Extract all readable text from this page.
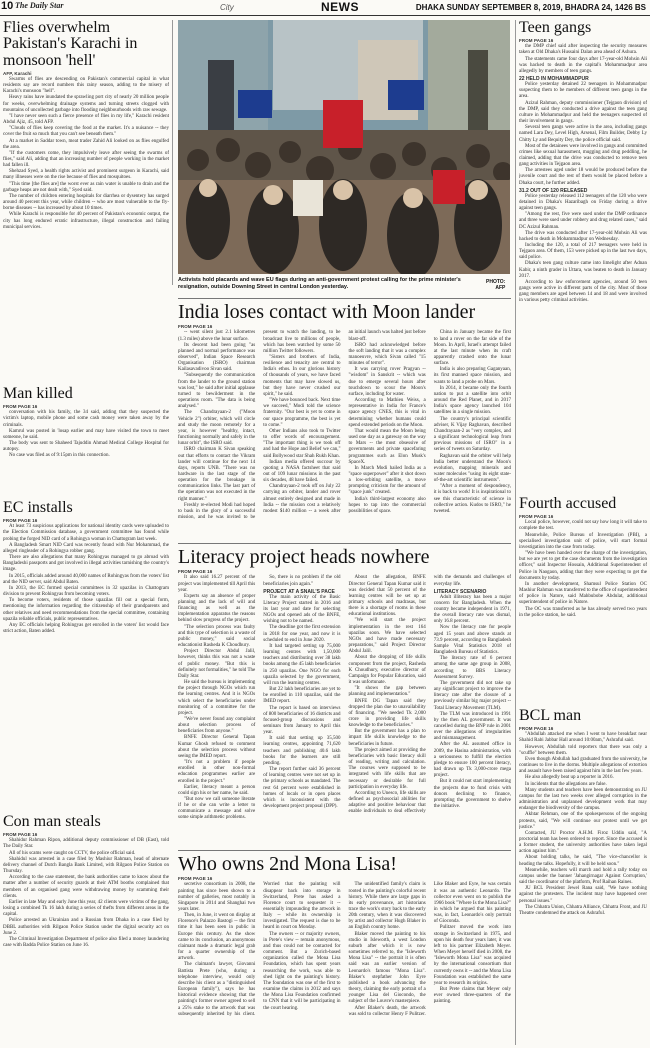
10 The Daily Star	City	NEWS	DHAKA SUNDAY SEPTEMBER 8, 2019, BHADRA 24, 1426 BS
Flies overwhelm Pakistan's Karachi in monsoon 'hell'
AFP, Karachi

Swarms of flies are descending on Pakistan's commercial capital in what residents say are record numbers this rainy season, adding to the misery of Karachi's monsoon "hell".

Heavy rains have inundated the sprawling port city of nearly 20 million people for weeks, overwhelming drainage systems and turning streets clogged with mountains of uncollected garbage into flooding neighbourhoods with raw sewage.

"I have never seen such a fierce presence of flies in my life," Karachi resident Abdul Ajiz, 45, told AFP.

"Clouds of flies keep covering the food at the market. It's a nuisance -- they cover the fruit so much that you can't see beneath them."

At a market in Saddar town, meat trader Zahid Ali looked on as flies engulfed the area.

"If the customers come, they impulsively leave after seeing the swarms of flies," said Ali, adding that an increasing number of people working in the market had fallen ill.

Shehzad Syed, a health rights activist and prominent surgeon in Karachi, said many illnesses were on the rise because of flies and mosquitoes.

"This time [the flies are] the worst ever as rain water is unable to drain and the garbage heaps are not dealt with," Syed said.

The number of children entering hospitals for diarrhea or dysentery has surged around 40 percent this year, while children -- who are most vulnerable to the fly-borne diseases -- has increased by about 10 times.

While Karachi is responsible for 40 percent of Pakistan's economic output, the city has long endured erratic infrastructure, illegal construction and failing municipal services.

Man killed
FROM PAGE 16

conversation with his family, the 34 said, adding that they suspected the victim's laptop, mobile phone and some cash money were taken away by the criminals.

Kamrul was posted in 'losap earlier and may have visited the town to meet someone, he said.

The body was sent to Shaheed Tajuddin Ahmad Medical College Hospital for autopsy.

No case was filed as of 9:15pm in this connection.

EC installs
FROM PAGE 16

At least 73 suspicious applications for national identity cards were uploaded to the Election Commission database, a government committee has found while probing the forged NID card of a Rohingya woman in Chattogram last week.

A Bangladesh Smart NID Card was recently found with Nur Mohammad, the alleged ringleader of a Rohingya robber gang.

There are also allegations that many Rohingyas managed to go abroad with Bangladeshi passports and got involved in illegal activities tarnishing the country's image.

In 2015, officials added around 40,000 names of Rohingyas from the voters' list and the NID server, said Abdul Baten.

In 2013, the EC formed special committees in 32 upazilas in Chattogram division to prevent Rohingyas from becoming voters.

To become voters, residents of those upazilas fill out a special form, mentioning the information regarding the citizenship of their grandparents and other relatives and need recommendations from the special committee, containing upazila reliable officials, public representatives.

Any EC officials helping Rohingyas get enrolled in the voters' list would face strict action, Baten added.

Con man steals
FROM PAGE 16

Shahidur Rahman Ripon, additional deputy commissioner of DB (East), told The Daily Star.

All of his scams were caught on CCTV, the police official said.

Shahidul was arrested in a case filed by Mashiur Rahman, head of alternate delivery channel of Dutch Bangla Bank Limited, with Rilgaon Police Station on Thursday.

According to the case statement, the bank authorities came to know about the matter after a number of security guards at their ATM booths complained that members of an organised gang were withdrawing money by scamming their clients.

Earlier in late May and early June this year, 42 clients were victims of the gang, losing a combined Tk 16 lakh during a series of thefts from different areas in the capital.

Police arrested an Ukrainian and a Russian from Dhaka in a case filed by DBBL authorities with Rilgaon Police Station under the digital security act on June 2.

The Criminal Investigation Department of police also filed a money laundering case with Badda Police Station on June 16.

Activists hold placards and wave EU flags during an anti-government protest calling for the prime minister's resignation, outside Downing Street in central London yesterday.
PHOTO:
AFP
India loses contact with Moon lander
FROM PAGE 16

-- went silent just 2.1 kilometres (1.3 miles) above the lunar surface.

Its descent had been going "as planned and normal performance was observed", Indian Space Research Organisation (ISRO) chairman Kailasavadivoo Sivan said.

"Subsequently the communication from the lander to the ground station was lost," he said after initial applause turned to bewilderment in the operations room. "The data is being analysed."

The Chandrayaan-2 ("Moon Vehicle 2") orbiter, which will circle and study the moon remotely for a year, is however "healthy, intact, functioning normally and safely in the lunar orbit", the ISRO said.

ISRO chairman K Sivan speaking out that efforts to contact the Vikram lander will continue for the next 14 days, reports UNB. "There was no hardware in the last stage of the operation for the breakage in communication links. The last part of the operation was not executed in the right manner."

Freshly re-elected Modi had hoped to bask in the glory of a successful mission, and he was invited to be present to watch the landing, to be broadcast live to millions of people, which has been watched by some 50 million Twitter followers.

"Sisters and brothers of India, resilience and tenacity are central to India's ethos. In our glorious history of thousands of years, we have faced moments that may have slowed us, but they have never crushed our spirit," he said.

"We have bounced back. Next time we succeed," Modi told the science fraternity. "Our best is yet to come in our space programme, the best is yet to come."

Other Indians also took to Twitter to offer words of encouragement. "The important thing is we took off and had the Hope and Belief we can," said Bollywood star Shah Rukh Khan.

Indian media offered succour by quoting a NASA factsheet that said out of 109 lunar missions in the past six decades, 48 have failed.

Chandrayaan-2 took off on July 22 carrying an orbiter, lander and rover almost entirely designed and made in India -- the mission cost a relatively modest $140 million -- a week after an initial launch was halted just before blast-off.

ISRO had acknowledged before the soft landing that it was a complex manoeuvre, which Sivan called "15 minutes of terror".

It was carrying rover Pragyan -- "wisdom" in Sanskrit -- which was due to emerge several hours after touchdown to scour the Moon's surface, including for water.

According to Mathieu Weiss, a representative in India for France's space agency CNES, this is vital in determining whether humans could spend extended periods on the Moon.

That would mean the Moon being used one day as a gateway on the way to Mars -- the most obsessive of governments and private spacefaring programmes such as Elon Musk's SpaceX.

In March Modi hailed India as a "space superpower" after it shot down a low-orbiting satellite, a move prompting criticism for the amount of "space junk" created.

India's third-largest economy also hopes to tap into the commercial possibilities of space.

China in January became the first to land a rover on the far side of the Moon. In April, Israel's attempt failed at the last minute when its craft apparently crashed onto the lunar surface.

India is also preparing Gaganyaan, its first manned space mission, and wants to land a probe on Mars.

In 2014, it became only the fourth nation to put a satellite into orbit around the Red Planet, and in 2017 India's space agency launched 104 satellites in a single mission.

The country's principal scientific adviser, K Vijay Raghavan, described Chandrayaan-2 as "very complex, and a significant technological leap from previous missions of ISRO" in a series of tweets on Saturday.

Raghavan said the orbiter will help India better understand the Moon's evolution, mapping minerals and water molecules "using its eight state-of-the-art scientific instruments".

"After a moment of despondency, it is back to work! It is inspirational to see this characteristic of science in collective action. Kudos to ISRO," he tweeted.

Literacy project heads nowhere
FROM PAGE 16

It also said 16.27 percent of the project was implemented till April this year.

Experts say an absence of proper planning and the lack of will and financing as well as the implementation apparatus the reasons behind slow progress of the project.

"The selection process was faulty and this type of selection is a waste of public money," said social educationist Rasheda K Choudhury.

Project Director Abdul Jalil, however, thinks this was not a waste of public money. "But this is definitely not formalities," he told The Daily Star.

He said the bureau is implementing the project through NGOs which run the learning centres. And it is NGOs which select the beneficiaries under monitoring of a committee for the project.

"We've never found any complaint about selection process of beneficiaries from anyone."

BNFE Director General Tapan Kumar Ghosh refused to comment about the selection process without seeing the IMED report.

"It's not a problem if people enrolled in other non-formal education programmes earlier are enrolled in the project."

Earlier, literacy meant a person could sign his or her name, he said.

"But now we call someone literate if he or she can write a letter to communicate a message and solve some simple arithmetic problems.

So, there is no problem if the old beneficiaries join again."

PROJECT AT A SNAIL'S PACE

The main activity of the Basic Literacy Project started in 2016 and its last year and date for selecting NGOs and opened ads of the BNFE, wishing not to be named.

The deadline got the first extension in 2018 for one year, and now it is scheduled to end in June 2020.

It had targeted setting up 75,000 learning centres with 1,50,000 teachers and distributing over 38 lakh books among the 45 lakh beneficiaries in 250 upazilas. One NGO for each upazila selected by the government, will run the learning centres.

But 22 lakh beneficiaries are yet to be enrolled in 110 upazilas, said the IMED report.

The report is based on interviews of 800 beneficiaries of 16 districts and focused-group discussions and seminars from January to April this year.

It said that setting up 35,500 learning centres, appointing 71,620 teachers and publishing 40.6 lakh books for the learners are still pending.

The report further said 36 percent of learning centres were not set up in the primary schools as mandated. The rest 64 percent were established in homes of locals or in open places which is inconsistent with the development project proposal (DPP).

About the allegation, BNFE Director General Tapan Kumar said it was decided that 50 percent of the learning centres will be set up at primary schools and madrasas, but there is a shortage of rooms in these educational institutions.

"We will start the project implementation in the rest 164 upazilas soon. We have selected NGOs and have made necessary preparations," said Project Director Abdul Jalil.

About the dropping of life skills component from the project, Rasheda K Choudhury, executive director of Campaign for Popular Education, said it was unfortunate.

"It shows the gap between planning and implementation."

BNFE DG Tapan said they dropped the plan due to unavailability of financing. "We needed Tk 2,000 crore in providing life skills knowledge to the beneficiaries."

But the government has a plan to impart life skills knowledge to the beneficiaries in future.

The project aimed at providing the beneficiaries with basic literacy skill of reading, writing and calculation. The courses were supposed to be integrated with life skills that are necessary or desirable for full participation in everyday life.

According to Unesco, life skills are defined as psychosocial abilities for adaptive and positive behaviour that enable individuals to deal effectively with the demands and challenges of everyday life.

LITERACY SCENARIO

Adult illiteracy has been a major concern for Bangladesh. When the country became independent in 1971, the overall literacy rate was dismal, only 16.8 percent.

Now the literacy rate for people aged 15 years and above stands at 73.9 percent, according to Bangladesh Sample Vital Statistics 2018 of Bangladesh Bureau of Statistics.

The literacy rate of 6 percent among the same age group in 2008, according to BBS Literacy Assessment Survey.

The government did not take up any significant project to improve the literacy rate after the closure of a previously similar big major project -- Total Literacy Movement (TLM).

The TLM was introduced in 1991 by the then AL government. It was cancelled during the BNP rule in 2001 over the allegations of irregularities and mismanagement.

After the AL assumed office in 2009, the Hasina administration, with a seriousness to fulfill the election pledge to ensure 100 percent literacy, had drawn up Tk 3,000-crore mega project.

But it could not start implementing the projects due to fund crisis with donors declining to finance, prompting the government to shelve the initiative.

Who owns 2nd Mona Lisa!
FROM PAGE 16

secretive consortium in 2008, the painting has since been shown to a number of galleries, most notably in Singapore in 2014 and Shanghai two years later.

Then, in June, it went on display at Florence's Palazzo Bastogi -- the first time it has been seen in public in Europe this century. As the show came to its conclusion, an anonymous claimant made a dramatic legal grab for a quarter ownership of the artwork.

The claimant's lawyer, Giovanni Battista Prete (who, during a telephone interview, would only describe his client as a "distinguished European family"), says he has historical evidence showing that the painting's former owner agreed to sell a 25% stake to the artwork that was subsequently inherited by his client. Worried that the painting will disappear back into storage in Switzerland, Prete has asked a Florence court to sequester it -- essentially impounding the artwork in Italy -- while its ownership is investigated. The request is due to be heard in court on Monday.

The owners -- or majority owners, in Prete's view -- remain anonymous, and thus could not be contacted for comment. But a Zurich-based organization called the Mona Lisa Foundation, which has spent years researching the work, was able to shed light on the painting's history. The foundation was one of the first to examine the claims in 2012 and says the Mona Lisa Foundation confirmed to CNN that it will be participating in the court hearing.

The unidentified family's claim is rooted in the painting's colorful recent history. While there are large gaps in its early provenance, art historians trace the work's story back to the early 20th century, when it was discovered by artist and collector Hugh Blaker in an English country home.

Blaker moved the painting to his studio in Isleworth, a west London suburb after which it is now sometimes referred to, the "Isleworth Mona Lisa" -- the portrait it is often said was an earlier version of Leonardo's famous "Mona Lisa". Blaker's stepfather John Eyre published a book advancing the theory, claiming the early portrait of a younger Lisa del Giocondo, the subject of the Louvre's masterpiece.

After Blaker's death, the artwork was sold to collector Henry F Pulitzer. Like Blaker and Eyre, he was certain it was an authentic Leonardo. The collector even went on to publish the 1966 book "Where Is the Mona Lisa?" in which he argued that his painting was, in fact, Leonardo's only portrait of Gioconda.

Pulitzer moved the work into storage in Switzerland in 1975, and upon his death four years later, it was left to his partner Elizabeth Meyer. When Meyer herself died in 2008, the "Isleworth Mona Lisa" was acquired by the international consortium that currently owns it -- and the Mona Lisa Foundation was established the same year to research its origins.

But Prete claims that Meyer only ever owned three-quarters of the painting.

Teen gangs
FROM PAGE 16

the DMP chief said after inspecting the security measures taken at Old Dhaka's Hussaini Dalan area ahead of Ashura.

The statements came four days after 17-year-old Mohsin Ali was hacked to death in the capital's Mohammadpur area allegedly by members of teen gangs.

22 HELD IN MOHAMMADPUR

Police yesterday detained 22 teenagers in Mohammadpur suspecting them to be members of different teen gangs in the area.

Azizul Rahman, deputy commissioner (Tejgaon division) of the DMP, said they conducted a drive against the teen gang culture in Mohammadpur and held the teenagers suspected of their involvement in gangs.

Several teen gangs were active in the area, including gangs named Lara Dey, Level High, Arsenal, Film Builder, Debby Ly Chitty Ly and Bequity Dey, the police official said.

Most of the detainees were involved in gangs and committed crimes like sexual harassment, mugging and drug peddling, he claimed, adding that the drive was conducted to remove teen gang activities in Tejgaon area.

The arrestees aged under 18 would be produced before the juvenile court and the rest of them would be placed before a Dhaka court, he further added.

31.2 OUT OF 120 RELEASED

Police yesterday released 112 teenagers of the 120 who were detained in Dhaka's Hazaribagh on Friday during a drive against teen gangs.

"Among the rest, five were sued under the DMP ordinance and three were sued under robbery and drug related cases," said DC Azizul Rahman.

The drive was conducted after 17-year-old Mohsin Ali was hacked to death in Mohammadpur on Wednesday.

Including the 120, a total of 217 teenagers were held in Tejgaon area. Of them, 153 were picked up in the last two days, said police.

Dhaka's teen gang culture came into limelight after Adnan Kabir, a ninth grader in Uttara, was beaten to death in January 2017.

According to law enforcement agencies, around 50 teen gangs were active in different parts of the city. Most of those gang members are aged between 14 and 18 and were involved in various petty criminal activities.

Fourth accused
FROM PAGE 16

Local police, however, could not say how long it will take to complete the test.

Meanwhile, Police Bureau of Investigation (PBI), a specialised investigation unit of police, will start formal investigation into the case from today.

"We have been handed over the charge of the investigation, but we are yet to get the case documents from the investigation officer," said Inspector Hossain, Additional Superintendent of Police in Naogaon, adding that they were expecting to get the documents by today.

In another development, Shamsul Police Station OC Mashiur Rahman was transferred to the office of superintendent of police in Natore, said Mahbubobe Abdulat, additional superintendent of police in Natore.

The OC was transferred as he has already served two years in the police station, he said.

BCL man
FROM PAGE 16

"Abdullah attacked me when I went to have breakfast near Shahid Rabi Jabbar Hall around 10:00am," Ashraful said.

However, Abdullah told reporters that there was only a "scuffle" between them.

Even though Abdullah had graduated from the university, he continues to live in the dorms. Multiple allegations of extortion and assault have been raised against him in the last few years.

He also allegedly beat up a reporter in 2016.

In incidents that the allegations are false.

Many students and teachers have been demonstrating on JU campus for the last two weeks over alleged corruption in the administration and unplanned development work that may endanger the biodiversity of the campus.

Akhtar Rehman, one of the spokespersons of the ongoing protests, said, "We will continue our protest until we get justice."

Contacted, JU Proctor A.H.M. Firoz Uddin said, "A proctorial team has been ordered to report. Since the accused is a former student, the university authorities have taken legal action against him."

About holding talks, he said, "The vice-chancellor is heading the talks. Hopefully, it will be held soon."

Meanwhile, teachers will march and hold a rally today on campus under the banner 'Jahangirnagar Against Corruption,' said the coordinator of the platform, Prof Raihan Raines.

JU BCL President Jewel Rana said, "We have nothing against the protesters. The incident may have happened over personal issues."

The Chhatra Union, Chhatra Alliance, Chhatra Front, and JU Theatre condemned the attack on Ashraful.
